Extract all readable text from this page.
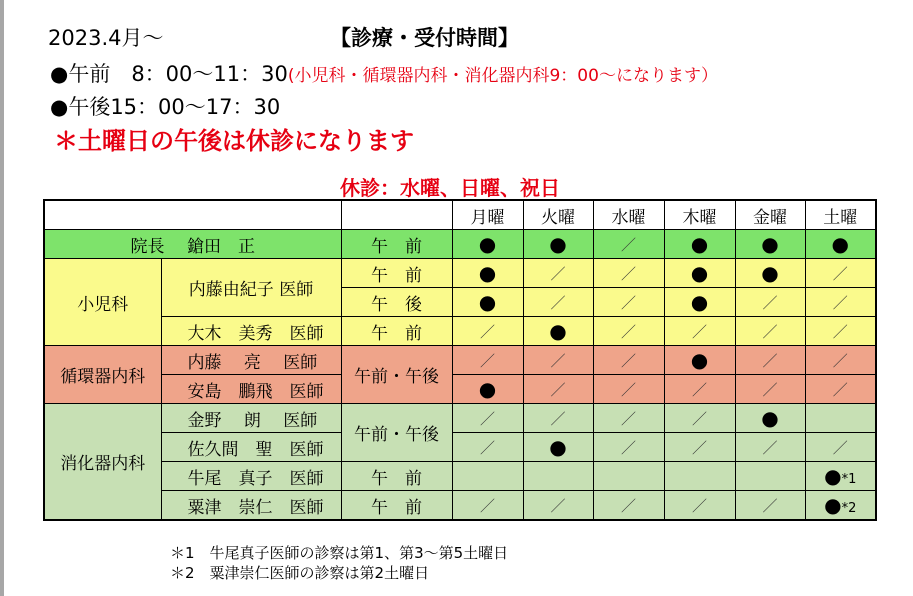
2023.4月～	【診療・受付時間】
●午前　8：00～11：30(小児科・循環器内科・消化器内科9：00～になります）
●午後15：00～17：30
＊土曜日の午後は休診になります
休診：水曜、日曜、祝日
			月曜	火曜	水曜	木曜	金曜	土曜
院長　 鎗田　正		午　前	●	●	／	●	●	●
小児科	内藤由紀子 医師	午　前	●	／	／	●	●	／
		午　後	●	／	／	●	／	／
	大木　美秀　医師	午　前	／	●	／	／	／	／
循環器内科	内藤　 亮　 医師	午前・午後	／	／	／	●	／	／
	安島　鵬飛　医師		●	／	／	／	／	／
消化器内科	金野　 朗　 医師	午前・午後	／	／	／	／	●	
	佐久間　聖　医師		／	●	／	／	／	／
	牛尾　真子　医師	午　前						●*1
	粟津　崇仁　医師	午　前	／	／	／	／	／	●*2
＊1　牛尾真子医師の診察は第1、第3～第5土曜日
＊2　粟津崇仁医師の診察は第2土曜日
